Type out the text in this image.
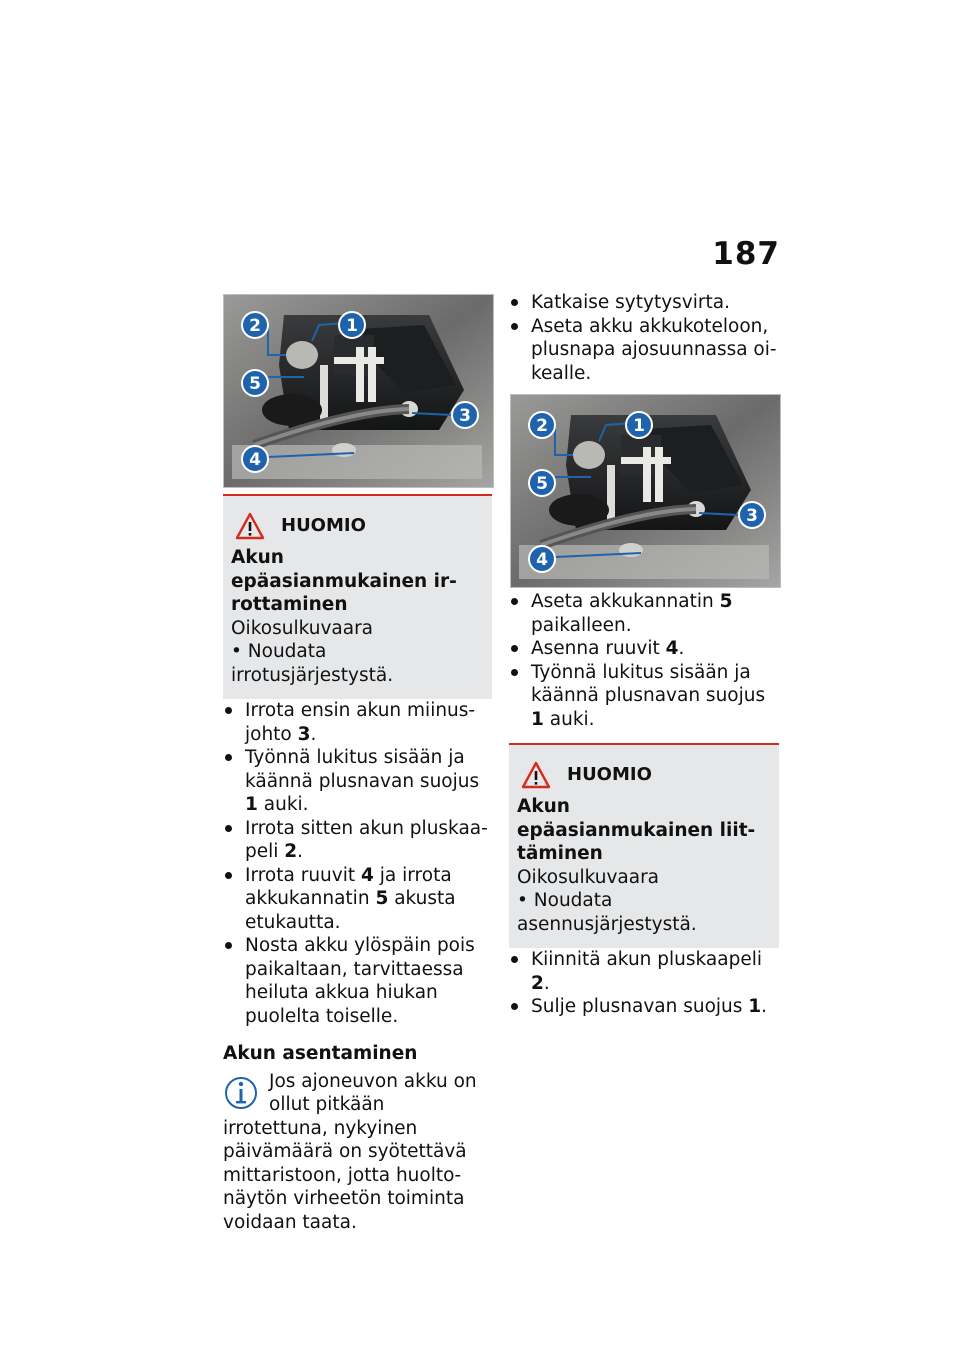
187
1
2
3
4
5
HUOMIO

Akun epäasianmukainen irrottaminen

Oikosulkuvaara

• Noudata irrotusjärjestystä.

Irrota ensin akun miinusjohto 3.
Työnnä lukitus sisään ja käännä plusnavan suojus 1 auki.
Irrota sitten akun pluskaapeli 2.
Irrota ruuvit 4 ja irrota akkukannatin 5 akusta etukautta.
Nosta akku ylöspäin pois paikaltaan, tarvittaessa heiluta akkua hiukan puolelta toiselle.

Akun asentaminen

Jos ajoneuvon akku on ollut pitkään irrotettuna, nykyinen päivämäärä on syötettävä mittaristoon, jotta huoltonäytön virheetön toiminta voidaan taata.
Katkaise sytytysvirta.
Aseta akku akkukoteloon, plusnapa ajosuunnassa oikealle.
1
2
3
4
5
Aseta akkukannatin 5 paikalleen.
Asenna ruuvit 4.
Työnnä lukitus sisään ja käännä plusnavan suojus 1 auki.
HUOMIO

Akun epäasianmukainen liittäminen

Oikosulkuvaara

• Noudata asennusjärjestystä.

Kiinnitä akun pluskaapeli 2.
Sulje plusnavan suojus 1.
